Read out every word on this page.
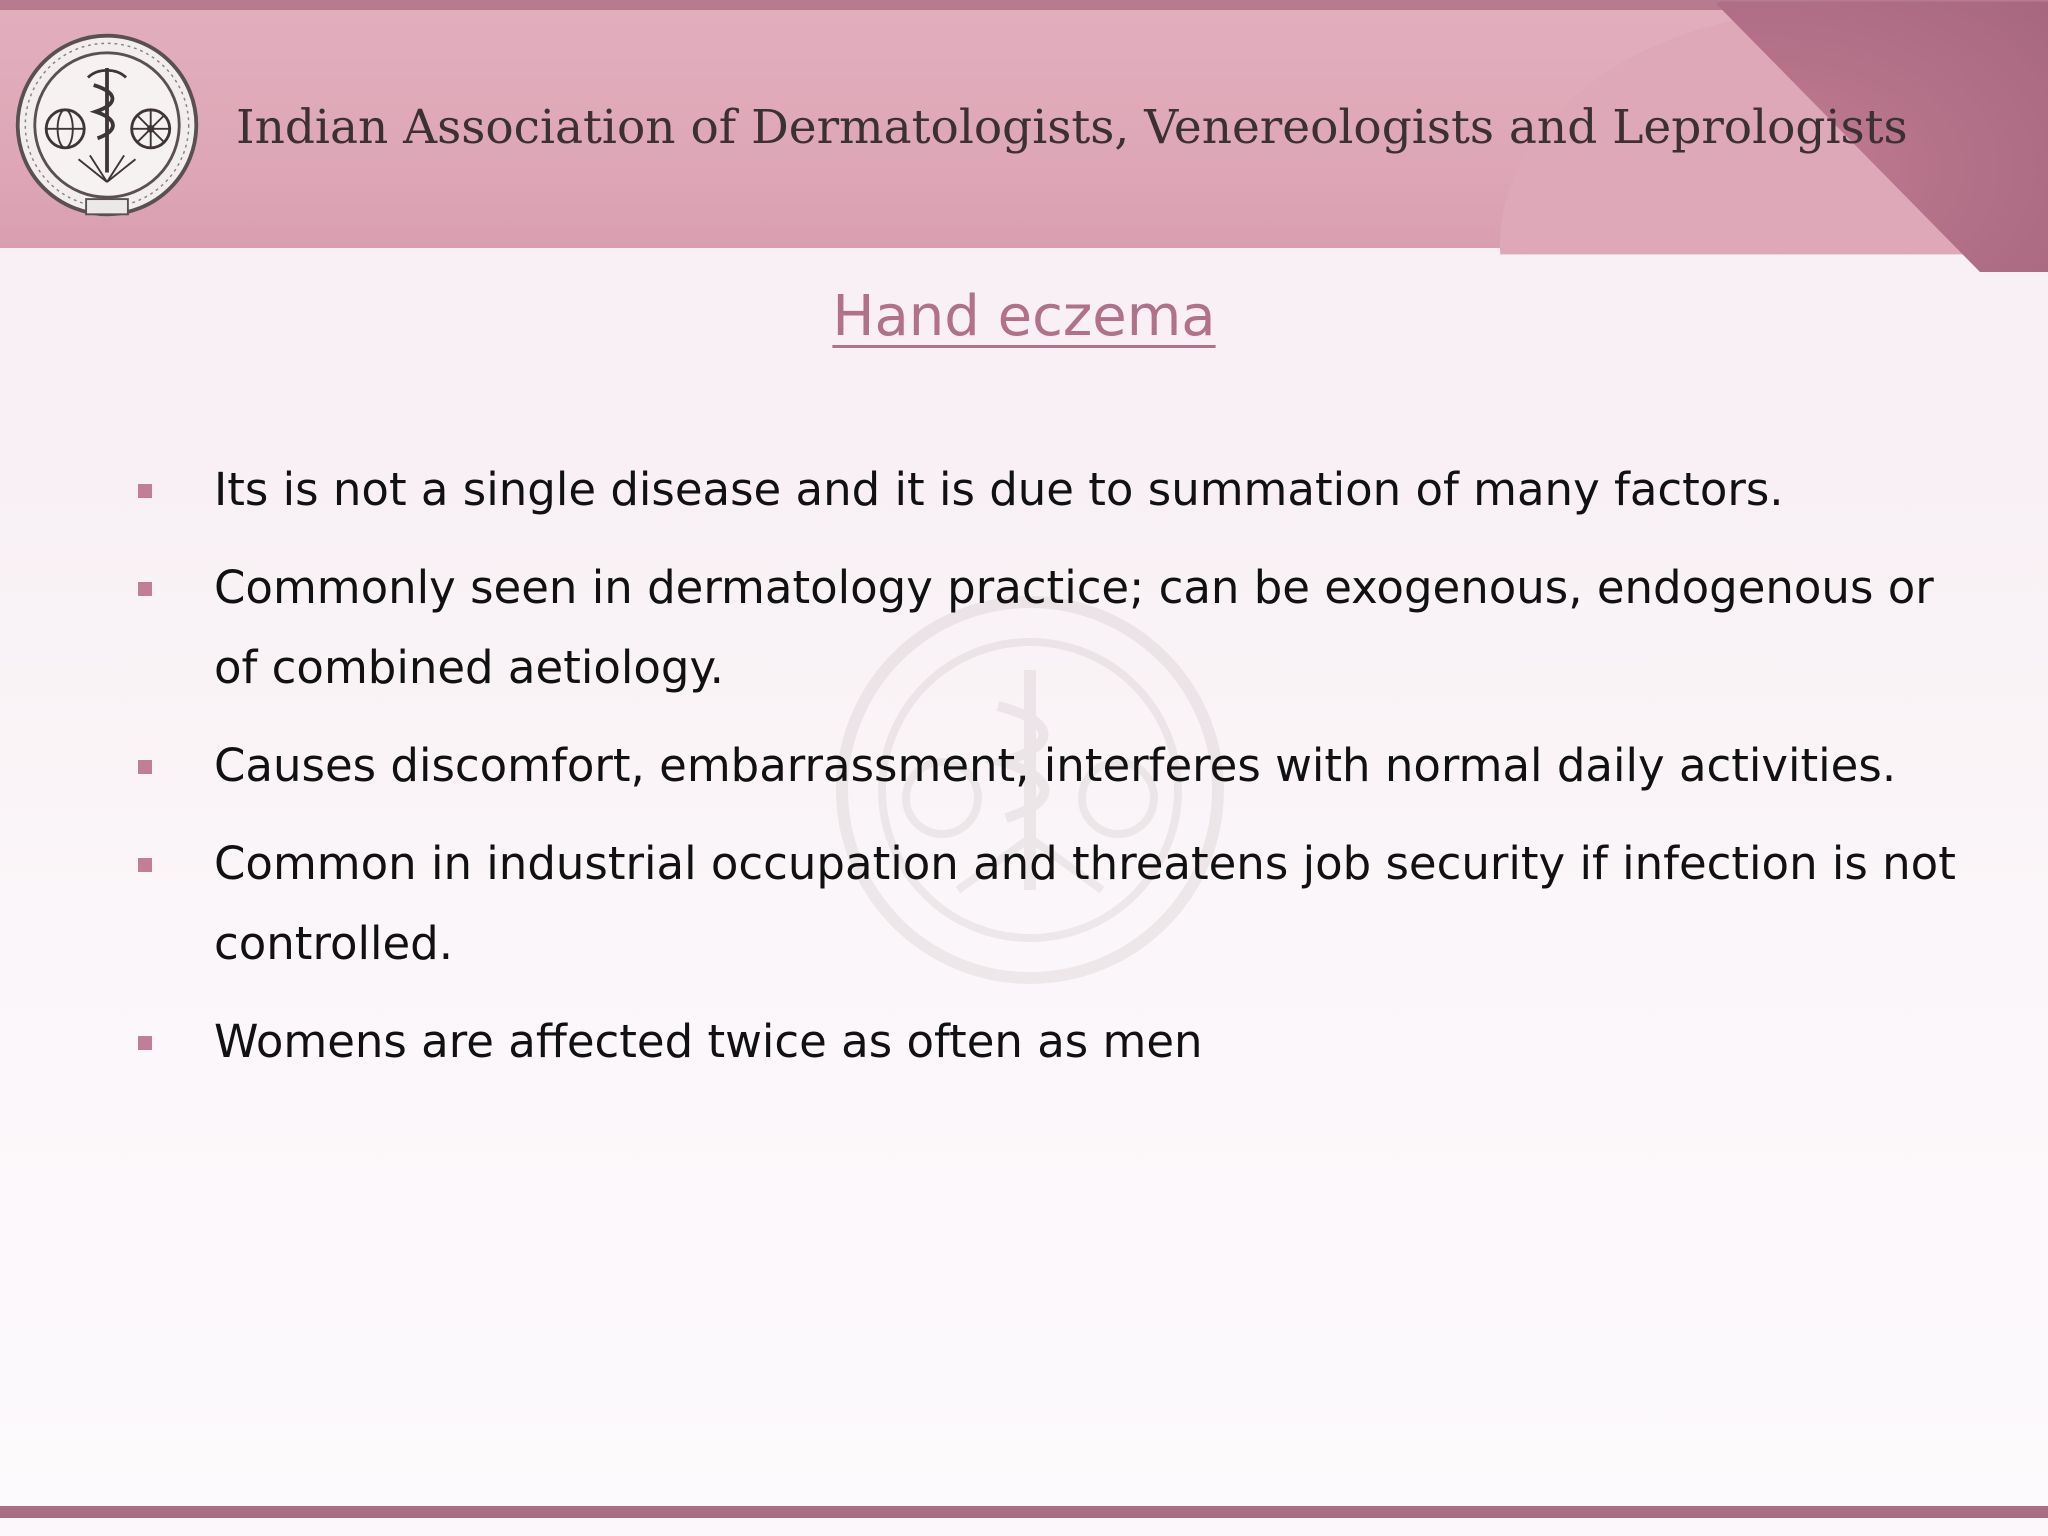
Indian Association of Dermatologists, Venereologists and Leprologists
Hand eczema
Its is not a single disease and it is due to summation of many factors.
Commonly seen in dermatology practice; can be exogenous, endogenous or of combined aetiology.
Causes discomfort, embarrassment, interferes with normal daily activities.
Common in industrial occupation and threatens job security if infection is not controlled.
Womens are affected twice as often as men
